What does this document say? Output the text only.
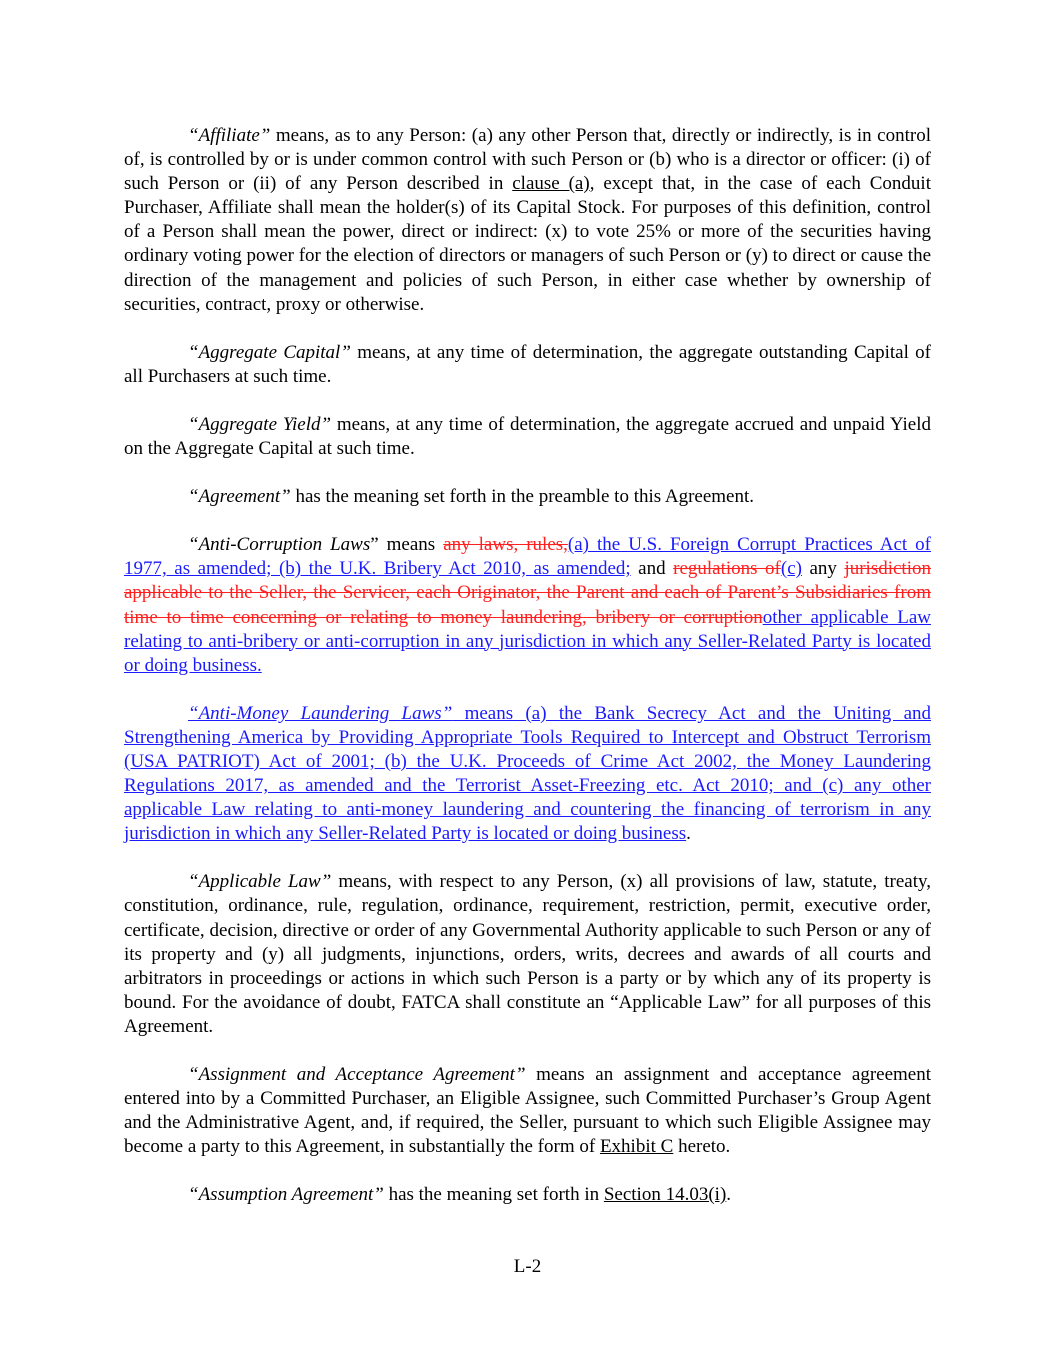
“Affiliate” means, as to any Person: (a) any other Person that, directly or indirectly, is in control of, is controlled by or is under common control with such Person or (b) who is a director or officer: (i) of such Person or (ii) of any Person described in clause (a), except that, in the case of each Conduit Purchaser, Affiliate shall mean the holder(s) of its Capital Stock. For purposes of this definition, control of a Person shall mean the power, direct or indirect: (x) to vote 25% or more of the securities having ordinary voting power for the election of directors or managers of such Person or (y) to direct or cause the direction of the management and policies of such Person, in either case whether by ownership of securities, contract, proxy or otherwise.

“Aggregate Capital” means, at any time of determination, the aggregate outstanding Capital of all Purchasers at such time.

“Aggregate Yield” means, at any time of determination, the aggregate accrued and unpaid Yield on the Aggregate Capital at such time.

“Agreement” has the meaning set forth in the preamble to this Agreement.

“Anti-Corruption Laws” means any laws, rules,(a) the U.S. Foreign Corrupt Practices Act of 1977, as amended; (b) the U.K. Bribery Act 2010, as amended; and regulations of(c) any jurisdiction applicable to the Seller, the Servicer, each Originator, the Parent and each of Parent’s Subsidiaries from time to time concerning or relating to money laundering, bribery or corruptionother applicable Law relating to anti-bribery or anti-corruption in any jurisdiction in which any Seller-Related Party is located or doing business.

“Anti-Money Laundering Laws” means (a) the Bank Secrecy Act and the Uniting and Strengthening America by Providing Appropriate Tools Required to Intercept and Obstruct Terrorism (USA PATRIOT) Act of 2001; (b) the U.K. Proceeds of Crime Act 2002, the Money Laundering Regulations 2017, as amended and the Terrorist Asset-Freezing etc. Act 2010; and (c) any other applicable Law relating to anti-money laundering and countering the financing of terrorism in any jurisdiction in which any Seller-Related Party is located or doing business.

“Applicable Law” means, with respect to any Person, (x) all provisions of law, statute, treaty, constitution, ordinance, rule, regulation, ordinance, requirement, restriction, permit, executive order, certificate, decision, directive or order of any Governmental Authority applicable to such Person or any of its property and (y) all judgments, injunctions, orders, writs, decrees and awards of all courts and arbitrators in proceedings or actions in which such Person is a party or by which any of its property is bound. For the avoidance of doubt, FATCA shall constitute an “Applicable Law” for all purposes of this Agreement.

“Assignment and Acceptance Agreement” means an assignment and acceptance agreement entered into by a Committed Purchaser, an Eligible Assignee, such Committed Purchaser’s Group Agent and the Administrative Agent, and, if required, the Seller, pursuant to which such Eligible Assignee may become a party to this Agreement, in substantially the form of Exhibit C hereto.

“Assumption Agreement” has the meaning set forth in Section 14.03(i).

L-2
